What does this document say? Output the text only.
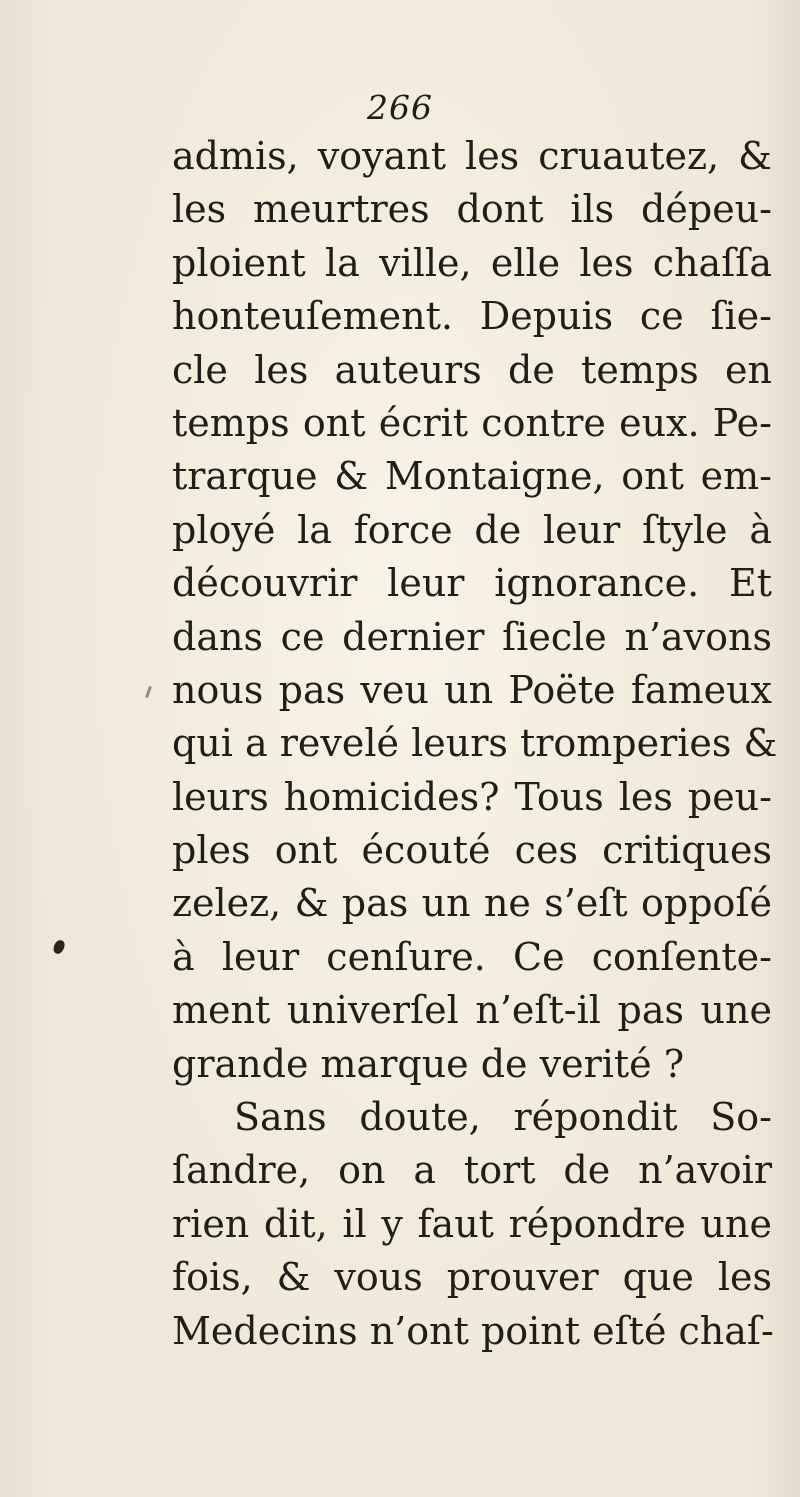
266
admis, voyant les cruautez, &
les meurtres dont ils dépeu-
ploient la ville, elle les chaſſa
honteuſement. Depuis ce ſie-
cle les auteurs de temps en
temps ont écrit contre eux. Pe-
trarque & Montaigne, ont em-
ployé la force de leur ſtyle à
découvrir leur ignorance. Et
dans ce dernier ſiecle n’avons
nous pas veu un Poëte fameux
qui a revelé leurs tromperies &
leurs homicides? Tous les peu-
ples ont écouté ces critiques
zelez, & pas un ne s’eſt oppoſé
à leur cenſure. Ce conſente-
ment univerſel n’eſt-il pas une
grande marque de verité ?
Sans doute, répondit So-
ſandre, on a tort de n’avoir
rien dit, il y faut répondre une
fois, & vous prouver que les
Medecins n’ont point eſté chaſ-
